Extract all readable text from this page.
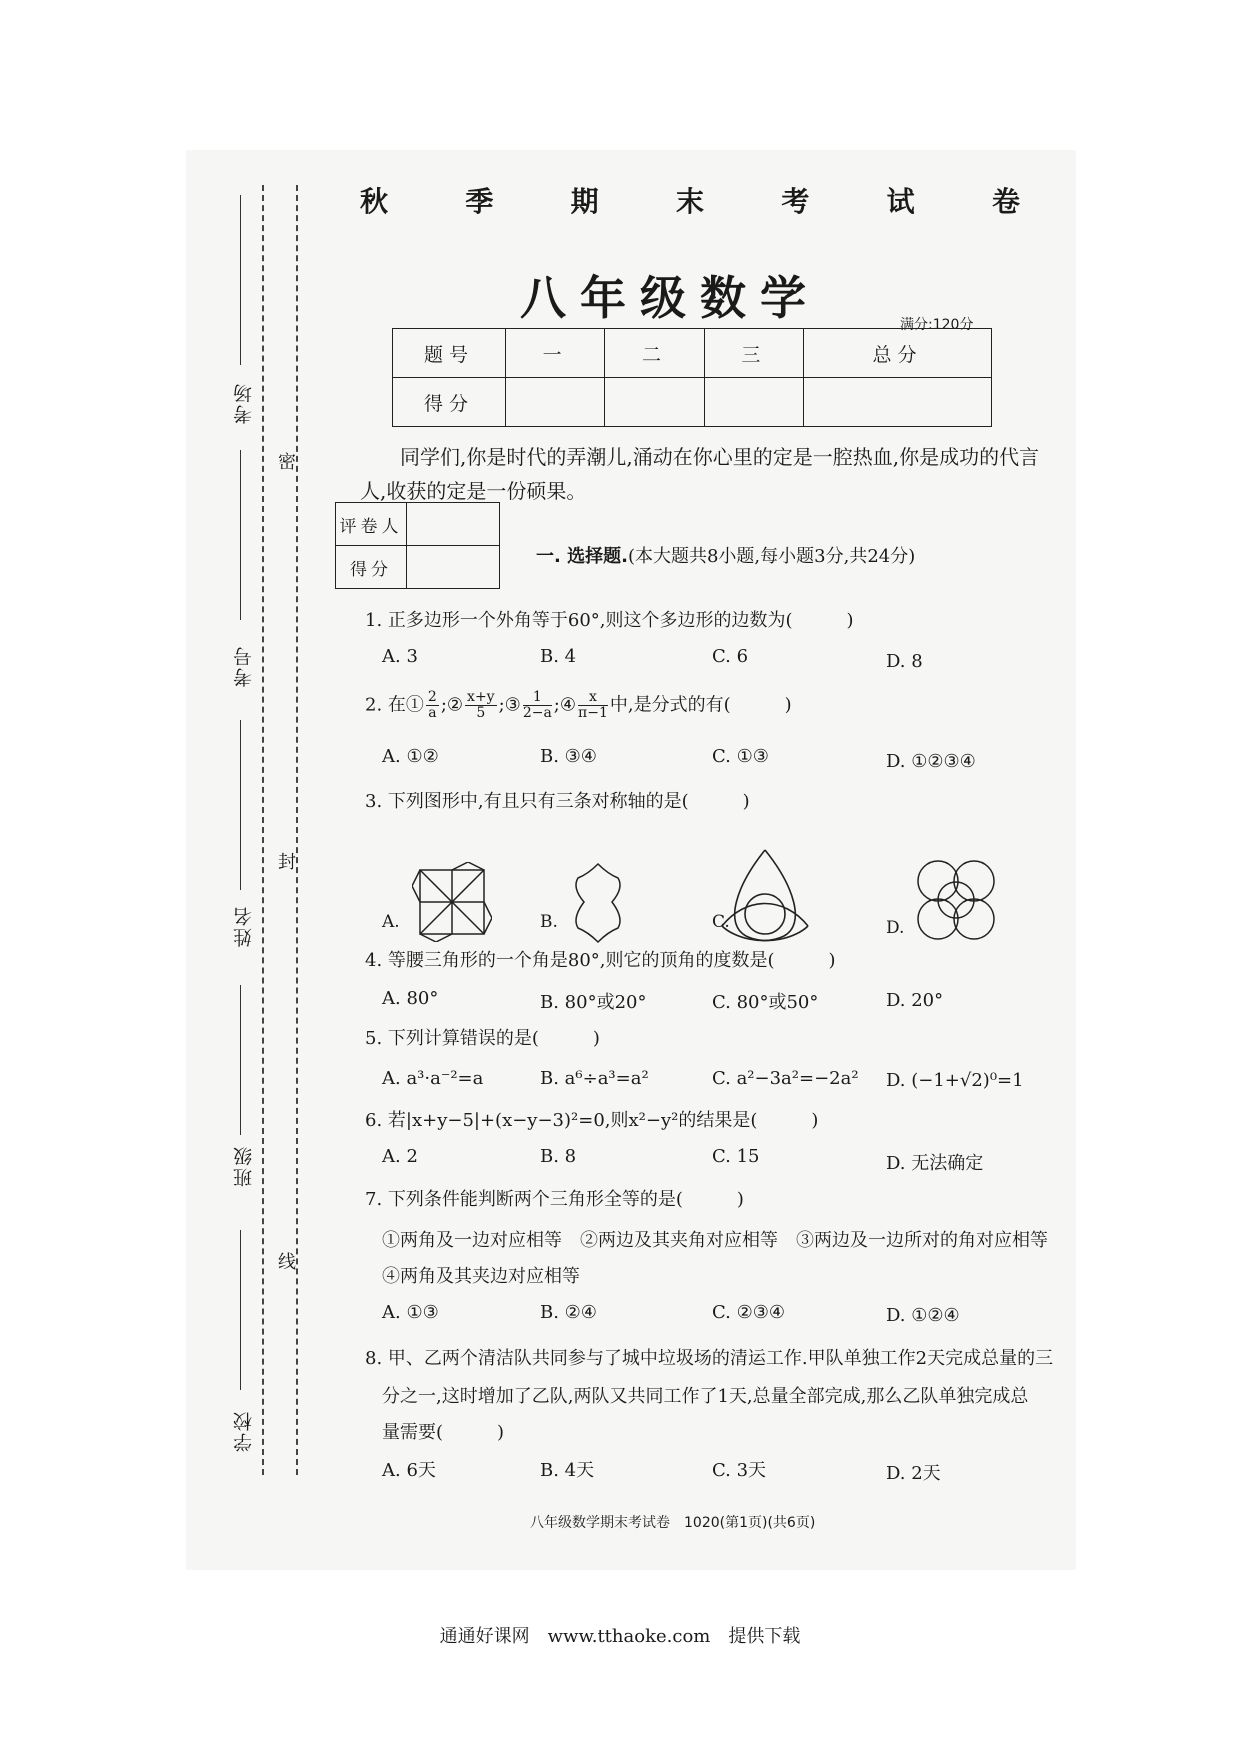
考场
考号
姓名
班级
学校
密
封
线
秋	季	期	末	考	试	卷
八年级数学	满分:120分
题号	一	二	三	总分
得分				
同学们,你是时代的弄潮儿,涌动在你心里的定是一腔热血,你是成功的代言人,收获的定是一份硕果。
评卷人	
得分	
一. 选择题.(本大题共8小题,每小题3分,共24分)
1. 正多边形一个外角等于60°,则这个多边形的边数为(　　　)
A. 3	B. 4	C. 6	D. 8
2. 在① $\frac{2}{a}$ ;② $\frac{x+y}{5}$ ;③ $\frac{1}{2-a}$ ;④ $\frac{x}{\pi-1}$ 中,是分式的有(　　　)
A. ①②	B. ③④	C. ①③	D. ①②③④
3. 下列图形中,有且只有三条对称轴的是(　　　)
A.	B.	C.	D.
4. 等腰三角形的一个角是80°,则它的顶角的度数是(　　　)
A. 80°	B. 80°或20°	C. 80°或50°	D. 20°
5. 下列计算错误的是(　　　)
A. a³·a⁻²=a	B. a⁶÷a³=a²	C. a²−3a²=−2a² D. (−1+√2)⁰=1
6. 若|x+y−5|+(x−y−3)²=0,则x²−y²的结果是(　　　)
A. 2	B. 8	C. 15	D. 无法确定
7. 下列条件能判断两个三角形全等的是(　　　)
①两角及一边对应相等　②两边及其夹角对应相等　③两边及一边所对的角对应相等
④两角及其夹边对应相等
A. ①③	B. ②④	C. ②③④	D. ①②④
8. 甲、乙两个清洁队共同参与了城中垃圾场的清运工作.甲队单独工作2天完成总量的三
分之一,这时增加了乙队,两队又共同工作了1天,总量全部完成,那么乙队单独完成总
量需要(　　　)
A. 6天	B. 4天	C. 3天	D. 2天
八年级数学期末考试卷　1020(第1页)(共6页)
通通好课网　www.tthaoke.com　提供下载
